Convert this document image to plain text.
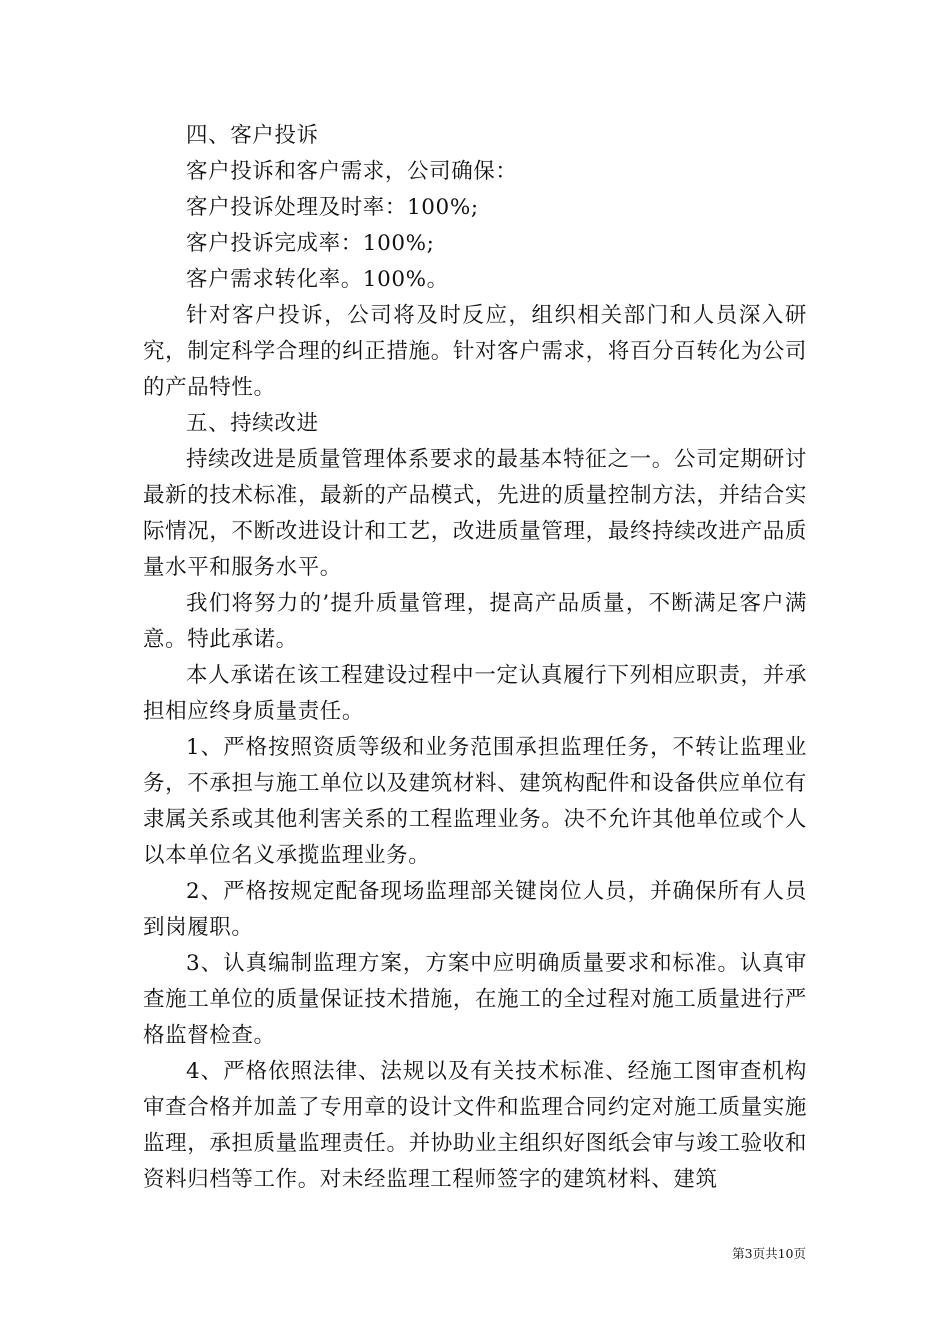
四、客户投诉

客户投诉和客户需求，公司确保：

客户投诉处理及时率：100%;

客户投诉完成率：100%;

客户需求转化率。100%。

针对客户投诉，公司将及时反应，组织相关部门和人员深入研究，制定科学合理的纠正措施。针对客户需求，将百分百转化为公司的产品特性。

五、持续改进

持续改进是质量管理体系要求的最基本特征之一。公司定期研讨最新的技术标准，最新的产品模式，先进的质量控制方法，并结合实际情况，不断改进设计和工艺，改进质量管理，最终持续改进产品质量水平和服务水平。

我们将努力的’提升质量管理，提高产品质量，不断满足客户满意。特此承诺。

本人承诺在该工程建设过程中一定认真履行下列相应职责，并承担相应终身质量责任。

1、严格按照资质等级和业务范围承担监理任务，不转让监理业务，不承担与施工单位以及建筑材料、建筑构配件和设备供应单位有隶属关系或其他利害关系的工程监理业务。决不允许其他单位或个人以本单位名义承揽监理业务。

2、严格按规定配备现场监理部关键岗位人员，并确保所有人员到岗履职。

3、认真编制监理方案，方案中应明确质量要求和标准。认真审查施工单位的质量保证技术措施，在施工的全过程对施工质量进行严格监督检查。

4、严格依照法律、法规以及有关技术标准、经施工图审查机构审查合格并加盖了专用章的设计文件和监理合同约定对施工质量实施监理，承担质量监理责任。并协助业主组织好图纸会审与竣工验收和资料归档等工作。对未经监理工程师签字的建筑材料、建筑

第3页共10页
